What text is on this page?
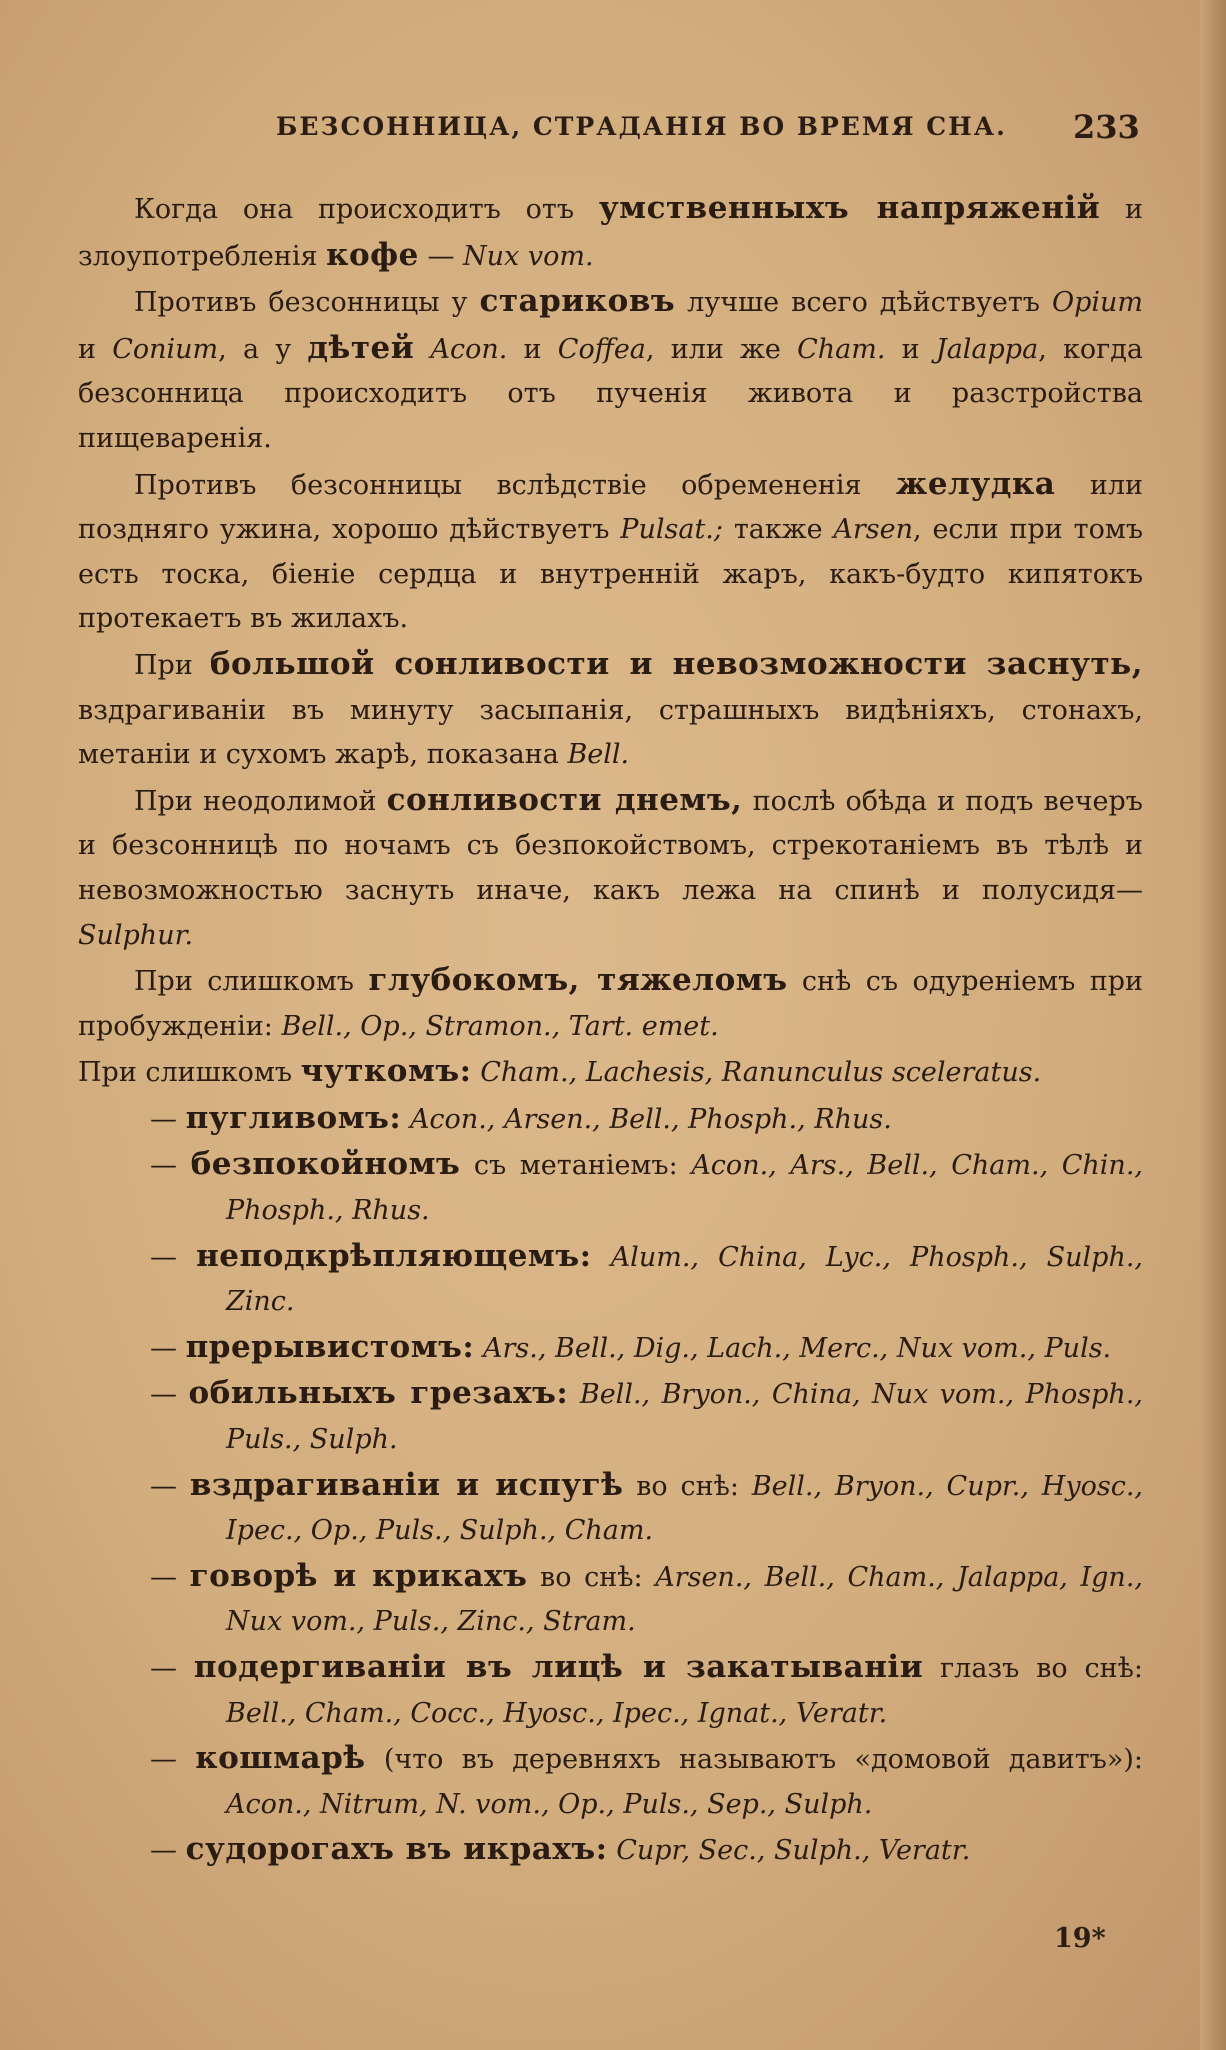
БЕЗСОННИЦА, СТРАДАНІЯ ВО ВРЕМЯ СНА. 233

Когда она происходитъ отъ умственныхъ напряженій и злоупотребленія кофе — Nux vom.

Противъ безсонницы у стариковъ лучше всего дѣйствуетъ Opium и Conium, а у дѣтей Acon. и Coffea, или же Cham. и Jalappa, когда безсонница происходитъ отъ пученія живота и разстройства пищеваренія.

Противъ безсонницы вслѣдствіе обремененія желудка или поздняго ужина, хорошо дѣйствуетъ Pulsat.; также Arsen, если при томъ есть тоска, біеніе сердца и внутренній жаръ, какъ-будто кипятокъ протекаетъ въ жилахъ.

При большой сонливости и невозможности заснуть, вздрагиваніи въ минуту засыпанія, страшныхъ видѣніяхъ, стонахъ, метаніи и сухомъ жарѣ, показана Bell.

При неодолимой сонливости днемъ, послѣ обѣда и подъ вечеръ и безсонницѣ по ночамъ съ безпокойствомъ, стрекотаніемъ въ тѣлѣ и невозможностью заснуть иначе, какъ лежа на спинѣ и полусидя—Sulphur.

При слишкомъ глубокомъ, тяжеломъ снѣ съ одуреніемъ при пробужденіи: Bell., Op., Stramon., Tart. emet.

При слишкомъ чуткомъ: Cham., Lachesis, Ranunculus sceleratus.

— пугливомъ: Acon., Arsen., Bell., Phosph., Rhus.

— безпокойномъ съ метаніемъ: Acon., Ars., Bell., Cham., Chin., Phosph., Rhus.

— неподкрѣпляющемъ: Alum., China, Lyc., Phosph., Sulph., Zinc.

— прерывистомъ: Ars., Bell., Dig., Lach., Merc., Nux vom., Puls.

— обильныхъ грезахъ: Bell., Bryon., China, Nux vom., Phosph., Puls., Sulph.

— вздрагиваніи и испугѣ во снѣ: Bell., Bryon., Cupr., Hyosc., Ipec., Op., Puls., Sulph., Cham.

— говорѣ и крикахъ во снѣ: Arsen., Bell., Cham., Jalappa, Ign., Nux vom., Puls., Zinc., Stram.

— подергиваніи въ лицѣ и закатываніи глазъ во снѣ: Bell., Cham., Cocc., Hyosc., Ipec., Ignat., Veratr.

— кошмарѣ (что въ деревняхъ называютъ «домовой давитъ»): Acon., Nitrum, N. vom., Op., Puls., Sep., Sulph.

— судорогахъ въ икрахъ: Cupr, Sec., Sulph., Veratr.

19*
